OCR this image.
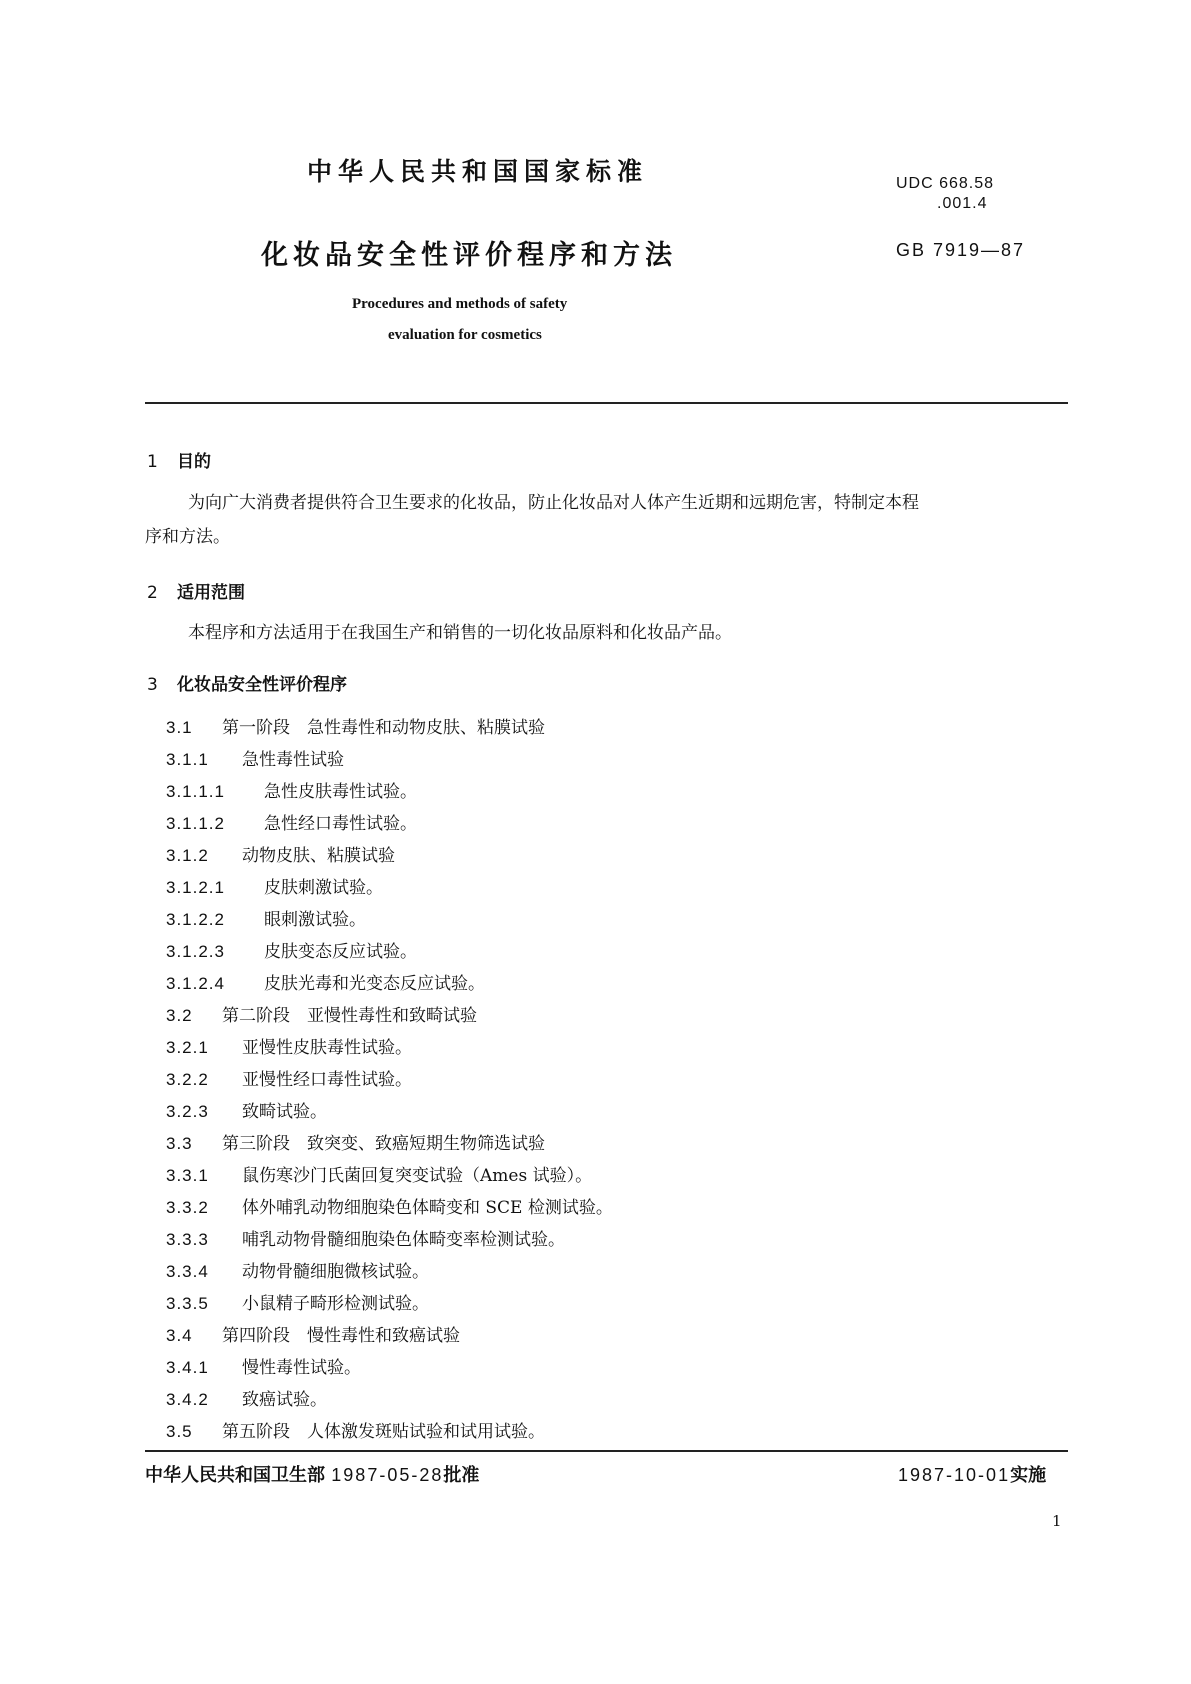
中华人民共和国国家标准	UDC 668.58
.001.4
化妆品安全性评价程序和方法	GB 7919—87
Procedures and methods of safety
evaluation for cosmetics
1 目的
为向广大消费者提供符合卫生要求的化妆品，防止化妆品对人体产生近期和远期危害，特制定本程
序和方法。
2 适用范围
本程序和方法适用于在我国生产和销售的一切化妆品原料和化妆品产品。
3 化妆品安全性评价程序
3.1 第一阶段　急性毒性和动物皮肤、粘膜试验
3.1.1 急性毒性试验
3.1.1.1 急性皮肤毒性试验。
3.1.1.2 急性经口毒性试验。
3.1.2 动物皮肤、粘膜试验
3.1.2.1 皮肤刺激试验。
3.1.2.2 眼刺激试验。
3.1.2.3 皮肤变态反应试验。
3.1.2.4 皮肤光毒和光变态反应试验。
3.2 第二阶段　亚慢性毒性和致畸试验
3.2.1 亚慢性皮肤毒性试验。
3.2.2 亚慢性经口毒性试验。
3.2.3 致畸试验。
3.3 第三阶段　致突变、致癌短期生物筛选试验
3.3.1 鼠伤寒沙门氏菌回复突变试验（Ames 试验）。
3.3.2 体外哺乳动物细胞染色体畸变和 SCE 检测试验。
3.3.3 哺乳动物骨髓细胞染色体畸变率检测试验。
3.3.4 动物骨髓细胞微核试验。
3.3.5 小鼠精子畸形检测试验。
3.4 第四阶段　慢性毒性和致癌试验
3.4.1 慢性毒性试验。
3.4.2 致癌试验。
3.5 第五阶段　人体激发斑贴试验和试用试验。
中华人民共和国卫生部 1987-05-28批准	1987-10-01实施
1
